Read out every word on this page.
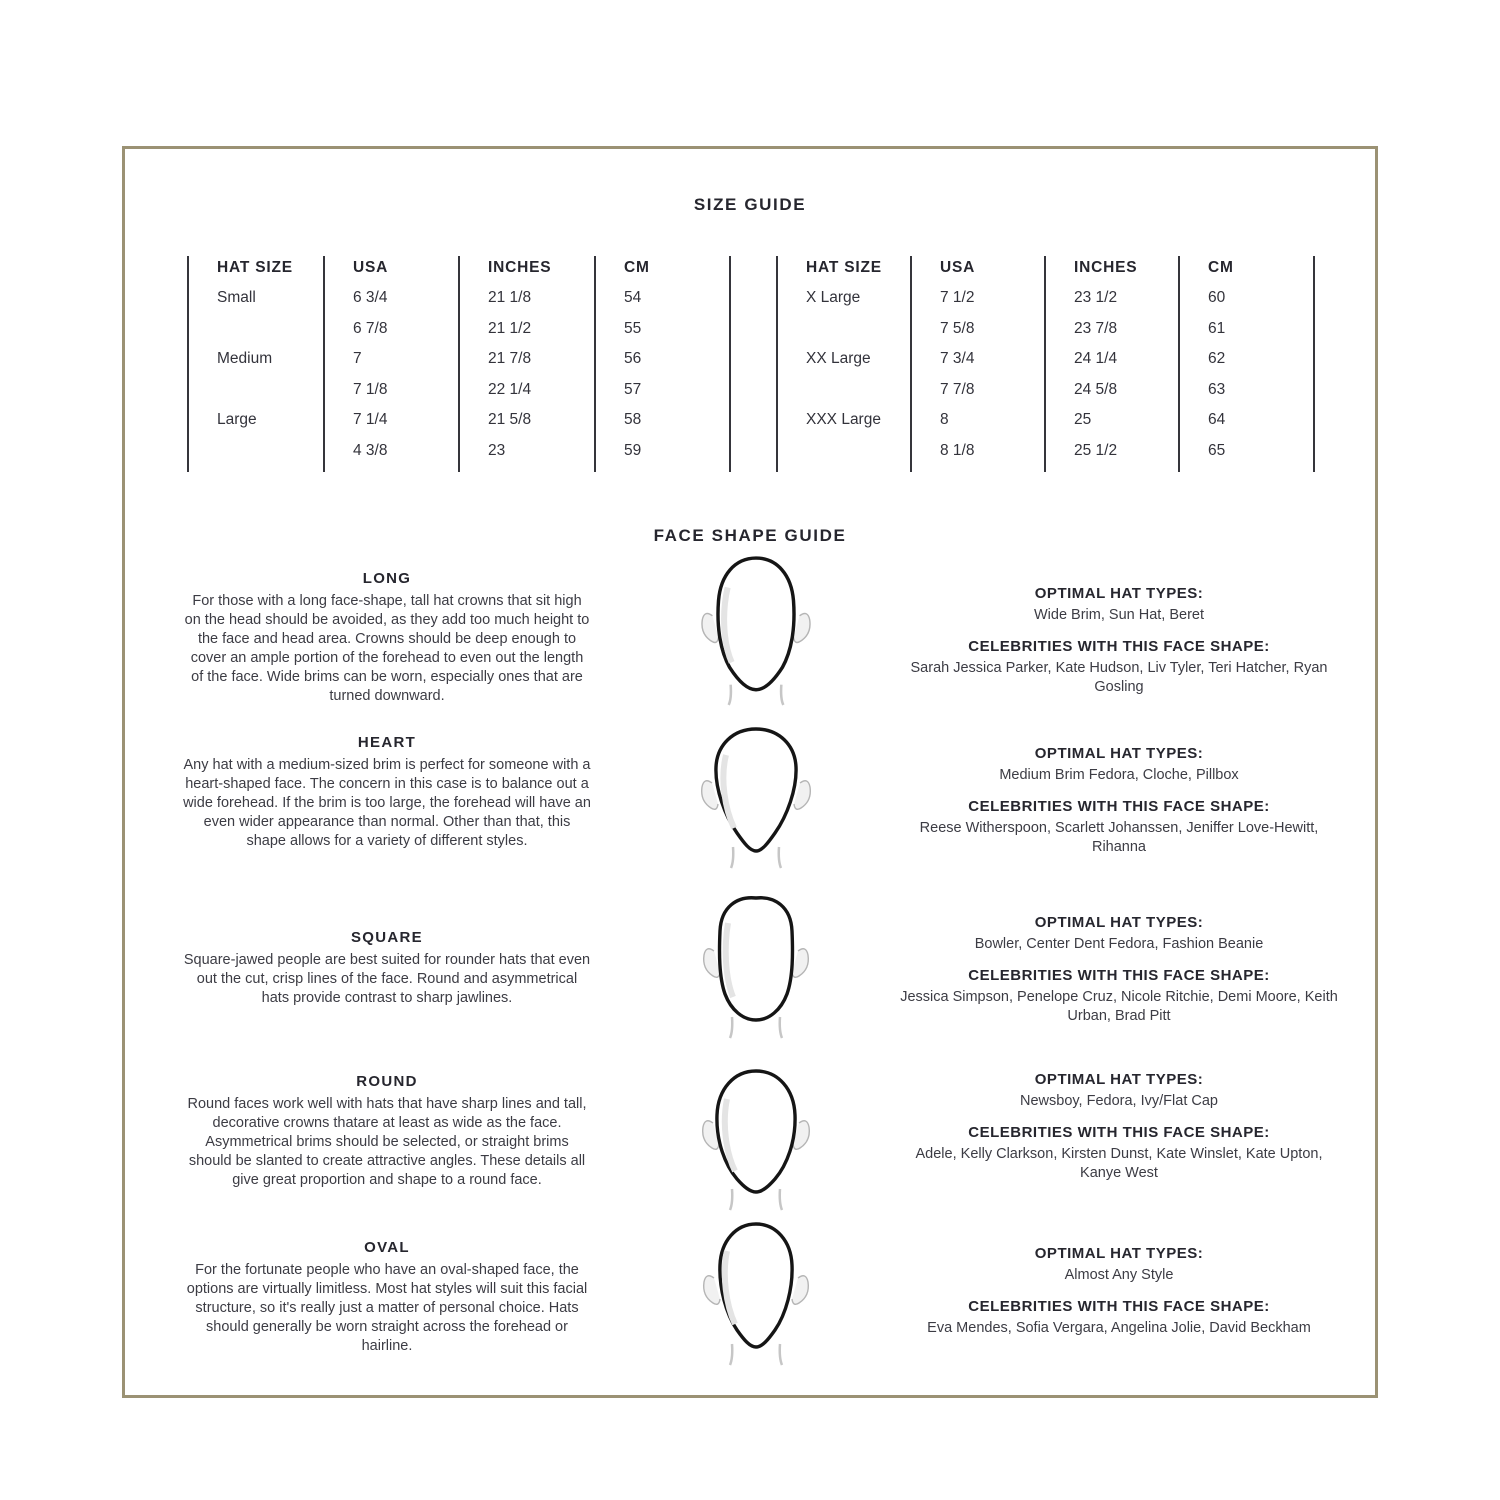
SIZE GUIDE
HAT SIZE
Small
Medium
Large
USA
6 3/4
6 7/8
7
7 1/8
7 1/4
4 3/8
INCHES
21 1/8
21 1/2
21 7/8
22 1/4
21 5/8
23
CM
54
55
56
57
58
59
HAT SIZE
X Large
XX Large
XXX Large
USA
7 1/2
7 5/8
7 3/4
7 7/8
8
8 1/8
INCHES
23 1/2
23 7/8
24 1/4
24 5/8
25
25 1/2
CM
60
61
62
63
64
65
FACE SHAPE GUIDE
LONG
For those with a long face-shape, tall hat crowns that sit high on the head should be avoided, as they add too much height to the face and head area. Crowns should be deep enough to cover an ample portion of the forehead to even out the length of the face. Wide brims can be worn, especially ones that are turned downward.
OPTIMAL HAT TYPES:
Wide Brim, Sun Hat, Beret
CELEBRITIES WITH THIS FACE SHAPE:
Sarah Jessica Parker, Kate Hudson, Liv Tyler, Teri Hatcher, Ryan Gosling
HEART
Any hat with a medium-sized brim is perfect for someone with a heart-shaped face. The concern in this case is to balance out a wide forehead. If the brim is too large, the forehead will have an even wider appearance than normal. Other than that, this shape allows for a variety of different styles.
OPTIMAL HAT TYPES:
Medium Brim Fedora, Cloche, Pillbox
CELEBRITIES WITH THIS FACE SHAPE:
Reese Witherspoon, Scarlett Johanssen, Jeniffer Love-Hewitt, Rihanna
SQUARE
Square-jawed people are best suited for rounder hats that even out the cut, crisp lines of the face. Round and asymmetrical hats provide contrast to sharp jawlines.
OPTIMAL HAT TYPES:
Bowler, Center Dent Fedora, Fashion Beanie
CELEBRITIES WITH THIS FACE SHAPE:
Jessica Simpson, Penelope Cruz, Nicole Ritchie, Demi Moore, Keith Urban, Brad Pitt
ROUND
Round faces work well with hats that have sharp lines and tall, decorative crowns thatare at least as wide as the face. Asymmetrical brims should be selected, or straight brims should be slanted to create attractive angles. These details all give great proportion and shape to a round face.
OPTIMAL HAT TYPES:
Newsboy, Fedora, Ivy/Flat Cap
CELEBRITIES WITH THIS FACE SHAPE:
Adele, Kelly Clarkson, Kirsten Dunst, Kate Winslet, Kate Upton, Kanye West
OVAL
For the fortunate people who have an oval-shaped face, the options are virtually limitless. Most hat styles will suit this facial structure, so it's really just a matter of personal choice. Hats should generally be worn straight across the forehead or hairline.
OPTIMAL HAT TYPES:
Almost Any Style
CELEBRITIES WITH THIS FACE SHAPE:
Eva Mendes, Sofia Vergara, Angelina Jolie, David Beckham
